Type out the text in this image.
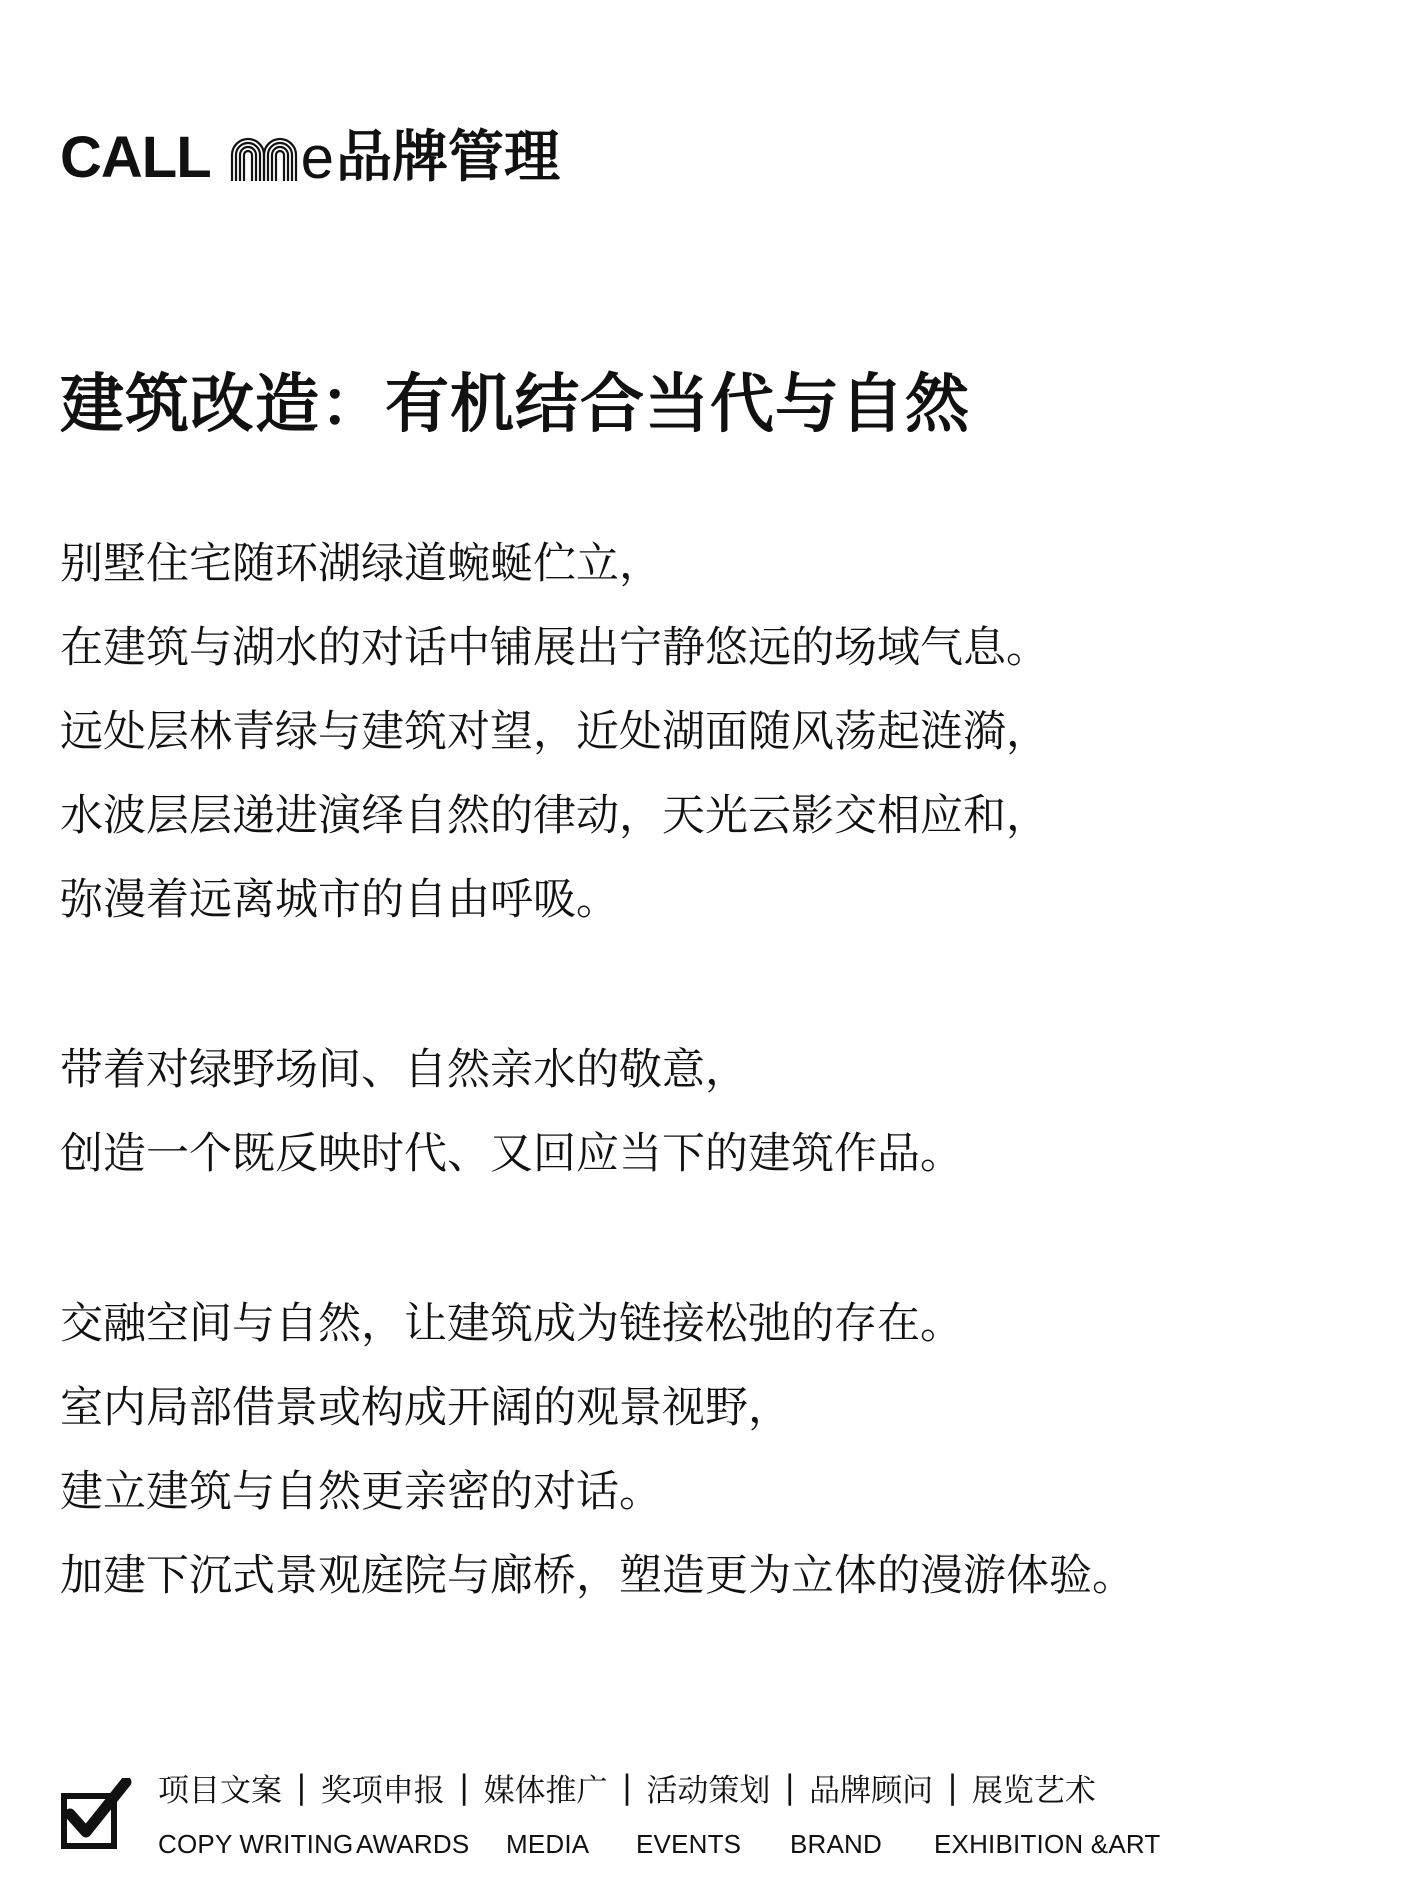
CALL e 品牌管理
建筑改造：有机结合当代与自然

别墅住宅随环湖绿道蜿蜒伫立，
在建筑与湖水的对话中铺展出宁静悠远的场域气息。
远处层林青绿与建筑对望，近处湖面随风荡起涟漪，
水波层层递进演绎自然的律动，天光云影交相应和，
弥漫着远离城市的自由呼吸。

带着对绿野场间、自然亲水的敬意，
创造一个既反映时代、又回应当下的建筑作品。

交融空间与自然，让建筑成为链接松弛的存在。
室内局部借景或构成开阔的观景视野，
建立建筑与自然更亲密的对话。
加建下沉式景观庭院与廊桥，塑造更为立体的漫游体验。

项目文案 | 奖项申报 | 媒体推广 | 活动策划 | 品牌顾问 | 展览艺术
COPY WRITING AWARDS MEDIA EVENTS BRAND EXHIBITION &ART
